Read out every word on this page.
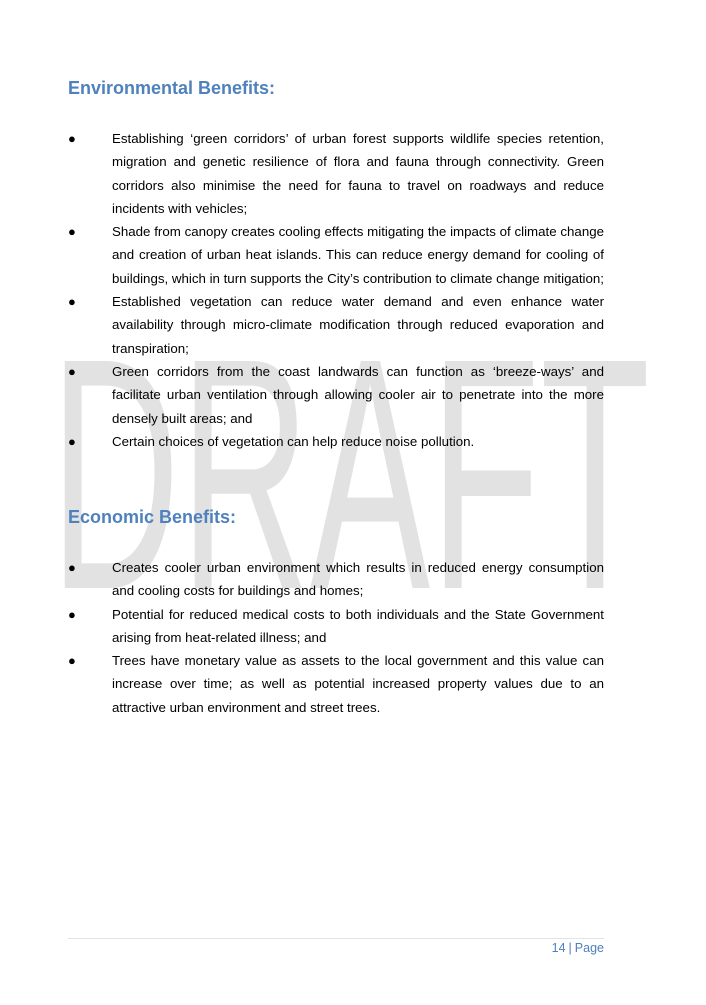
DRAFT
Environmental Benefits:
●	Establishing ‘green corridors’ of urban forest supports wildlife species retention, migration and genetic resilience of flora and fauna through connectivity. Green corridors also minimise the need for fauna to travel on roadways and reduce incidents with vehicles;
●	Shade from canopy creates cooling effects mitigating the impacts of climate change and creation of urban heat islands. This can reduce energy demand for cooling of buildings, which in turn supports the City’s contribution to climate change mitigation;
●	Established vegetation can reduce water demand and even enhance water availability through micro-climate modification through reduced evaporation and transpiration;
●	Green corridors from the coast landwards can function as ‘breeze-ways’ and facilitate urban ventilation through allowing cooler air to penetrate into the more densely built areas; and
●	Certain choices of vegetation can help reduce noise pollution.
Economic Benefits:
●	Creates cooler urban environment which results in reduced energy consumption and cooling costs for buildings and homes;
●	Potential for reduced medical costs to both individuals and the State Government arising from heat-related illness; and
●	Trees have monetary value as assets to the local government and this value can increase over time; as well as potential increased property values due to an attractive urban environment and street trees.
14 | Page
